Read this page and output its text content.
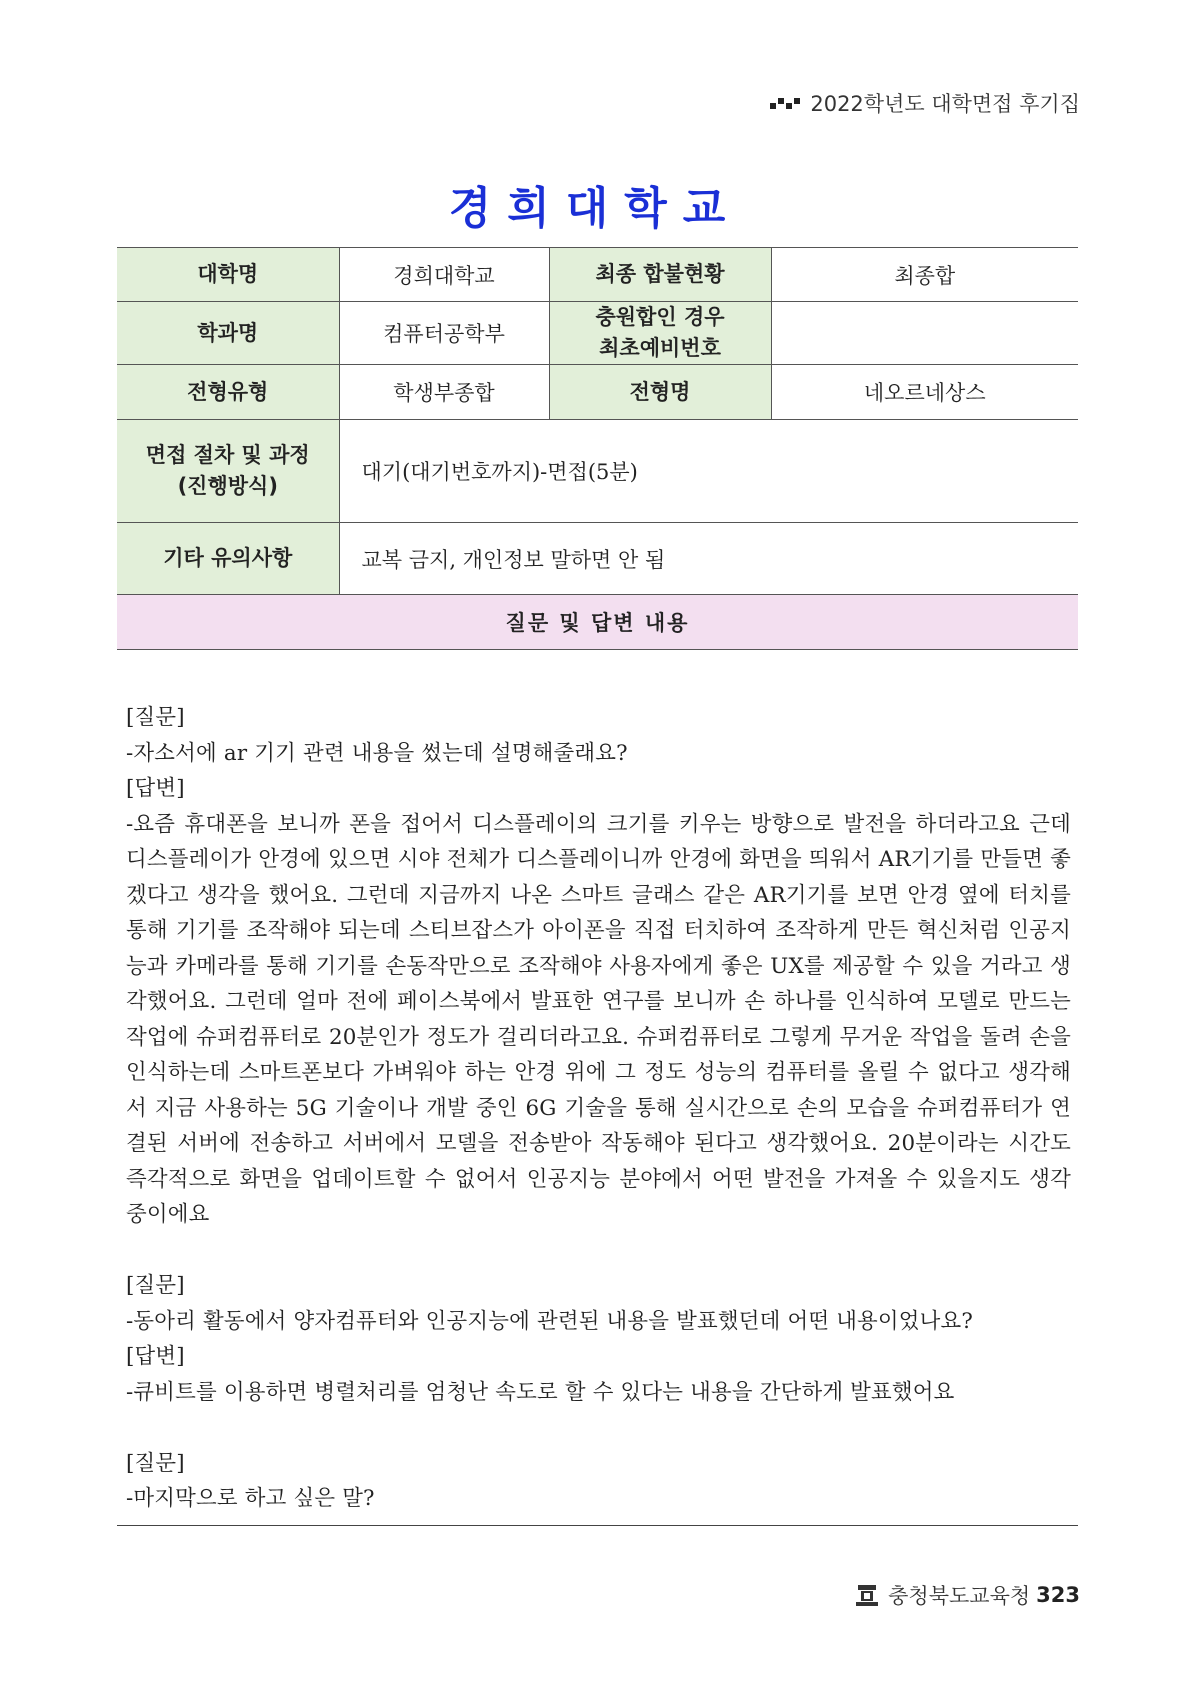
2022학년도 대학면접 후기집
경희대학교
대학명	경희대학교	최종 합불현황	최종합
학과명	컴퓨터공학부	충원합인 경우
최초예비번호	

전형유형	학생부종합	전형명	네오르네상스

면접 절차 및 과정
(진행방식)	대기(대기번호까지)-면접(5분)		
기타 유의사항	교복 금지, 개인정보 말하면 안 됨		
질문 및 답변 내용			

[질문]

-자소서에 ar 기기 관련 내용을 썼는데 설명해줄래요?

[답변]

-요즘 휴대폰을 보니까 폰을 접어서 디스플레이의 크기를 키우는 방향으로 발전을 하더라고요 근데 디스플레이가 안경에 있으면 시야 전체가 디스플레이니까 안경에 화면을 띄워서 AR기기를 만들면 좋겠다고 생각을 했어요. 그런데 지금까지 나온 스마트 글래스 같은 AR기기를 보면 안경 옆에 터치를 통해 기기를 조작해야 되는데 스티브잡스가 아이폰을 직접 터치하여 조작하게 만든 혁신처럼 인공지능과 카메라를 통해 기기를 손동작만으로 조작해야 사용자에게 좋은 UX를 제공할 수 있을 거라고 생각했어요. 그런데 얼마 전에 페이스북에서 발표한 연구를 보니까 손 하나를 인식하여 모델로 만드는 작업에 슈퍼컴퓨터로 20분인가 정도가 걸리더라고요. 슈퍼컴퓨터로 그렇게 무거운 작업을 돌려 손을 인식하는데 스마트폰보다 가벼워야 하는 안경 위에 그 정도 성능의 컴퓨터를 올릴 수 없다고 생각해서 지금 사용하는 5G 기술이나 개발 중인 6G 기술을 통해 실시간으로 손의 모습을 슈퍼컴퓨터가 연결된 서버에 전송하고 서버에서 모델을 전송받아 작동해야 된다고 생각했어요. 20분이라는 시간도 즉각적으로 화면을 업데이트할 수 없어서 인공지능 분야에서 어떤 발전을 가져올 수 있을지도 생각 중이에요

[질문]

-동아리 활동에서 양자컴퓨터와 인공지능에 관련된 내용을 발표했던데 어떤 내용이었나요?

[답변]

-큐비트를 이용하면 병렬처리를 엄청난 속도로 할 수 있다는 내용을 간단하게 발표했어요

[질문]

-마지막으로 하고 싶은 말?

충청북도교육청 323
